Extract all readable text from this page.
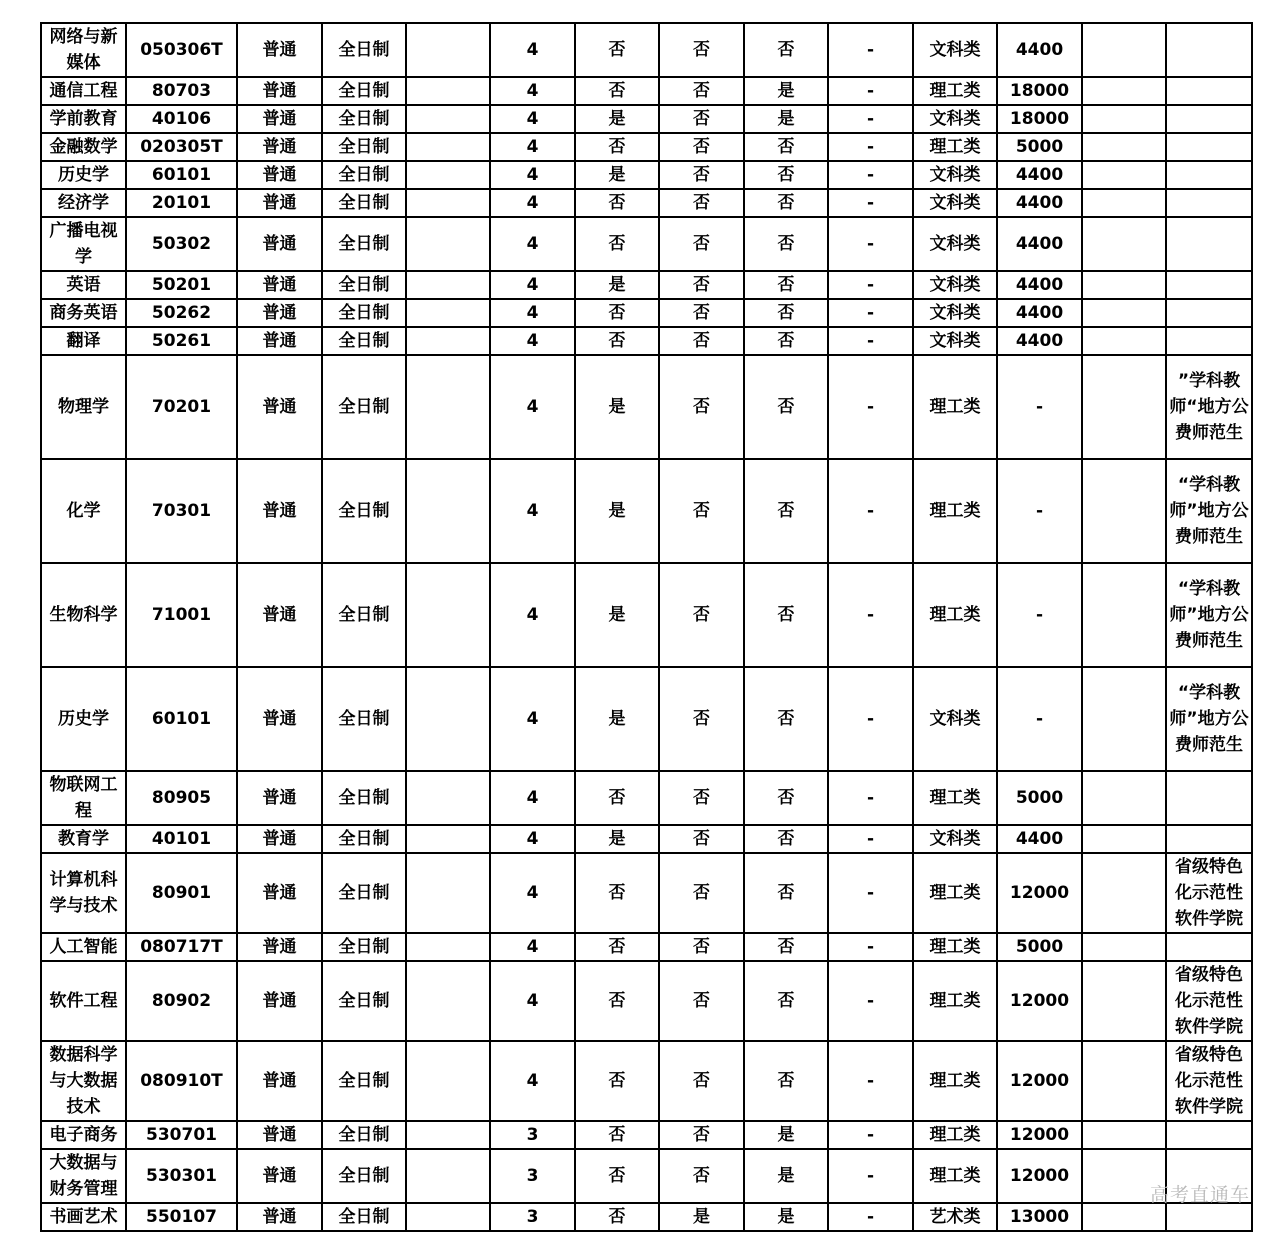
网络与新媒体	050306T	普通	全日制		4	否	否	否	-	文科类	4400		
通信工程	80703	普通	全日制		4	否	否	是	-	理工类	18000		
学前教育	40106	普通	全日制		4	是	否	是	-	文科类	18000		
金融数学	020305T	普通	全日制		4	否	否	否	-	理工类	5000		
历史学	60101	普通	全日制		4	是	否	否	-	文科类	4400		
经济学	20101	普通	全日制		4	否	否	否	-	文科类	4400		
广播电视学	50302	普通	全日制		4	否	否	否	-	文科类	4400		
英语	50201	普通	全日制		4	是	否	否	-	文科类	4400		
商务英语	50262	普通	全日制		4	否	否	否	-	文科类	4400		
翻译	50261	普通	全日制		4	否	否	否	-	文科类	4400		
物理学	70201	普通	全日制		4	是	否	否	-	理工类	-		”学科教师“地方公费师范生
化学	70301	普通	全日制		4	是	否	否	-	理工类	-		“学科教师”地方公费师范生
生物科学	71001	普通	全日制		4	是	否	否	-	理工类	-		“学科教师”地方公费师范生
历史学	60101	普通	全日制		4	是	否	否	-	文科类	-		“学科教师”地方公费师范生
物联网工程	80905	普通	全日制		4	否	否	否	-	理工类	5000		
教育学	40101	普通	全日制		4	是	否	否	-	文科类	4400		
计算机科学与技术	80901	普通	全日制		4	否	否	否	-	理工类	12000		省级特色化示范性软件学院
人工智能	080717T	普通	全日制		4	否	否	否	-	理工类	5000		
软件工程	80902	普通	全日制		4	否	否	否	-	理工类	12000		省级特色化示范性软件学院
数据科学与大数据技术	080910T	普通	全日制		4	否	否	否	-	理工类	12000		省级特色化示范性软件学院
电子商务	530701	普通	全日制		3	否	否	是	-	理工类	12000		
大数据与财务管理	530301	普通	全日制		3	否	否	是	-	理工类	12000		
书画艺术	550107	普通	全日制		3	否	是	是	-	艺术类	13000		
高考直通车
